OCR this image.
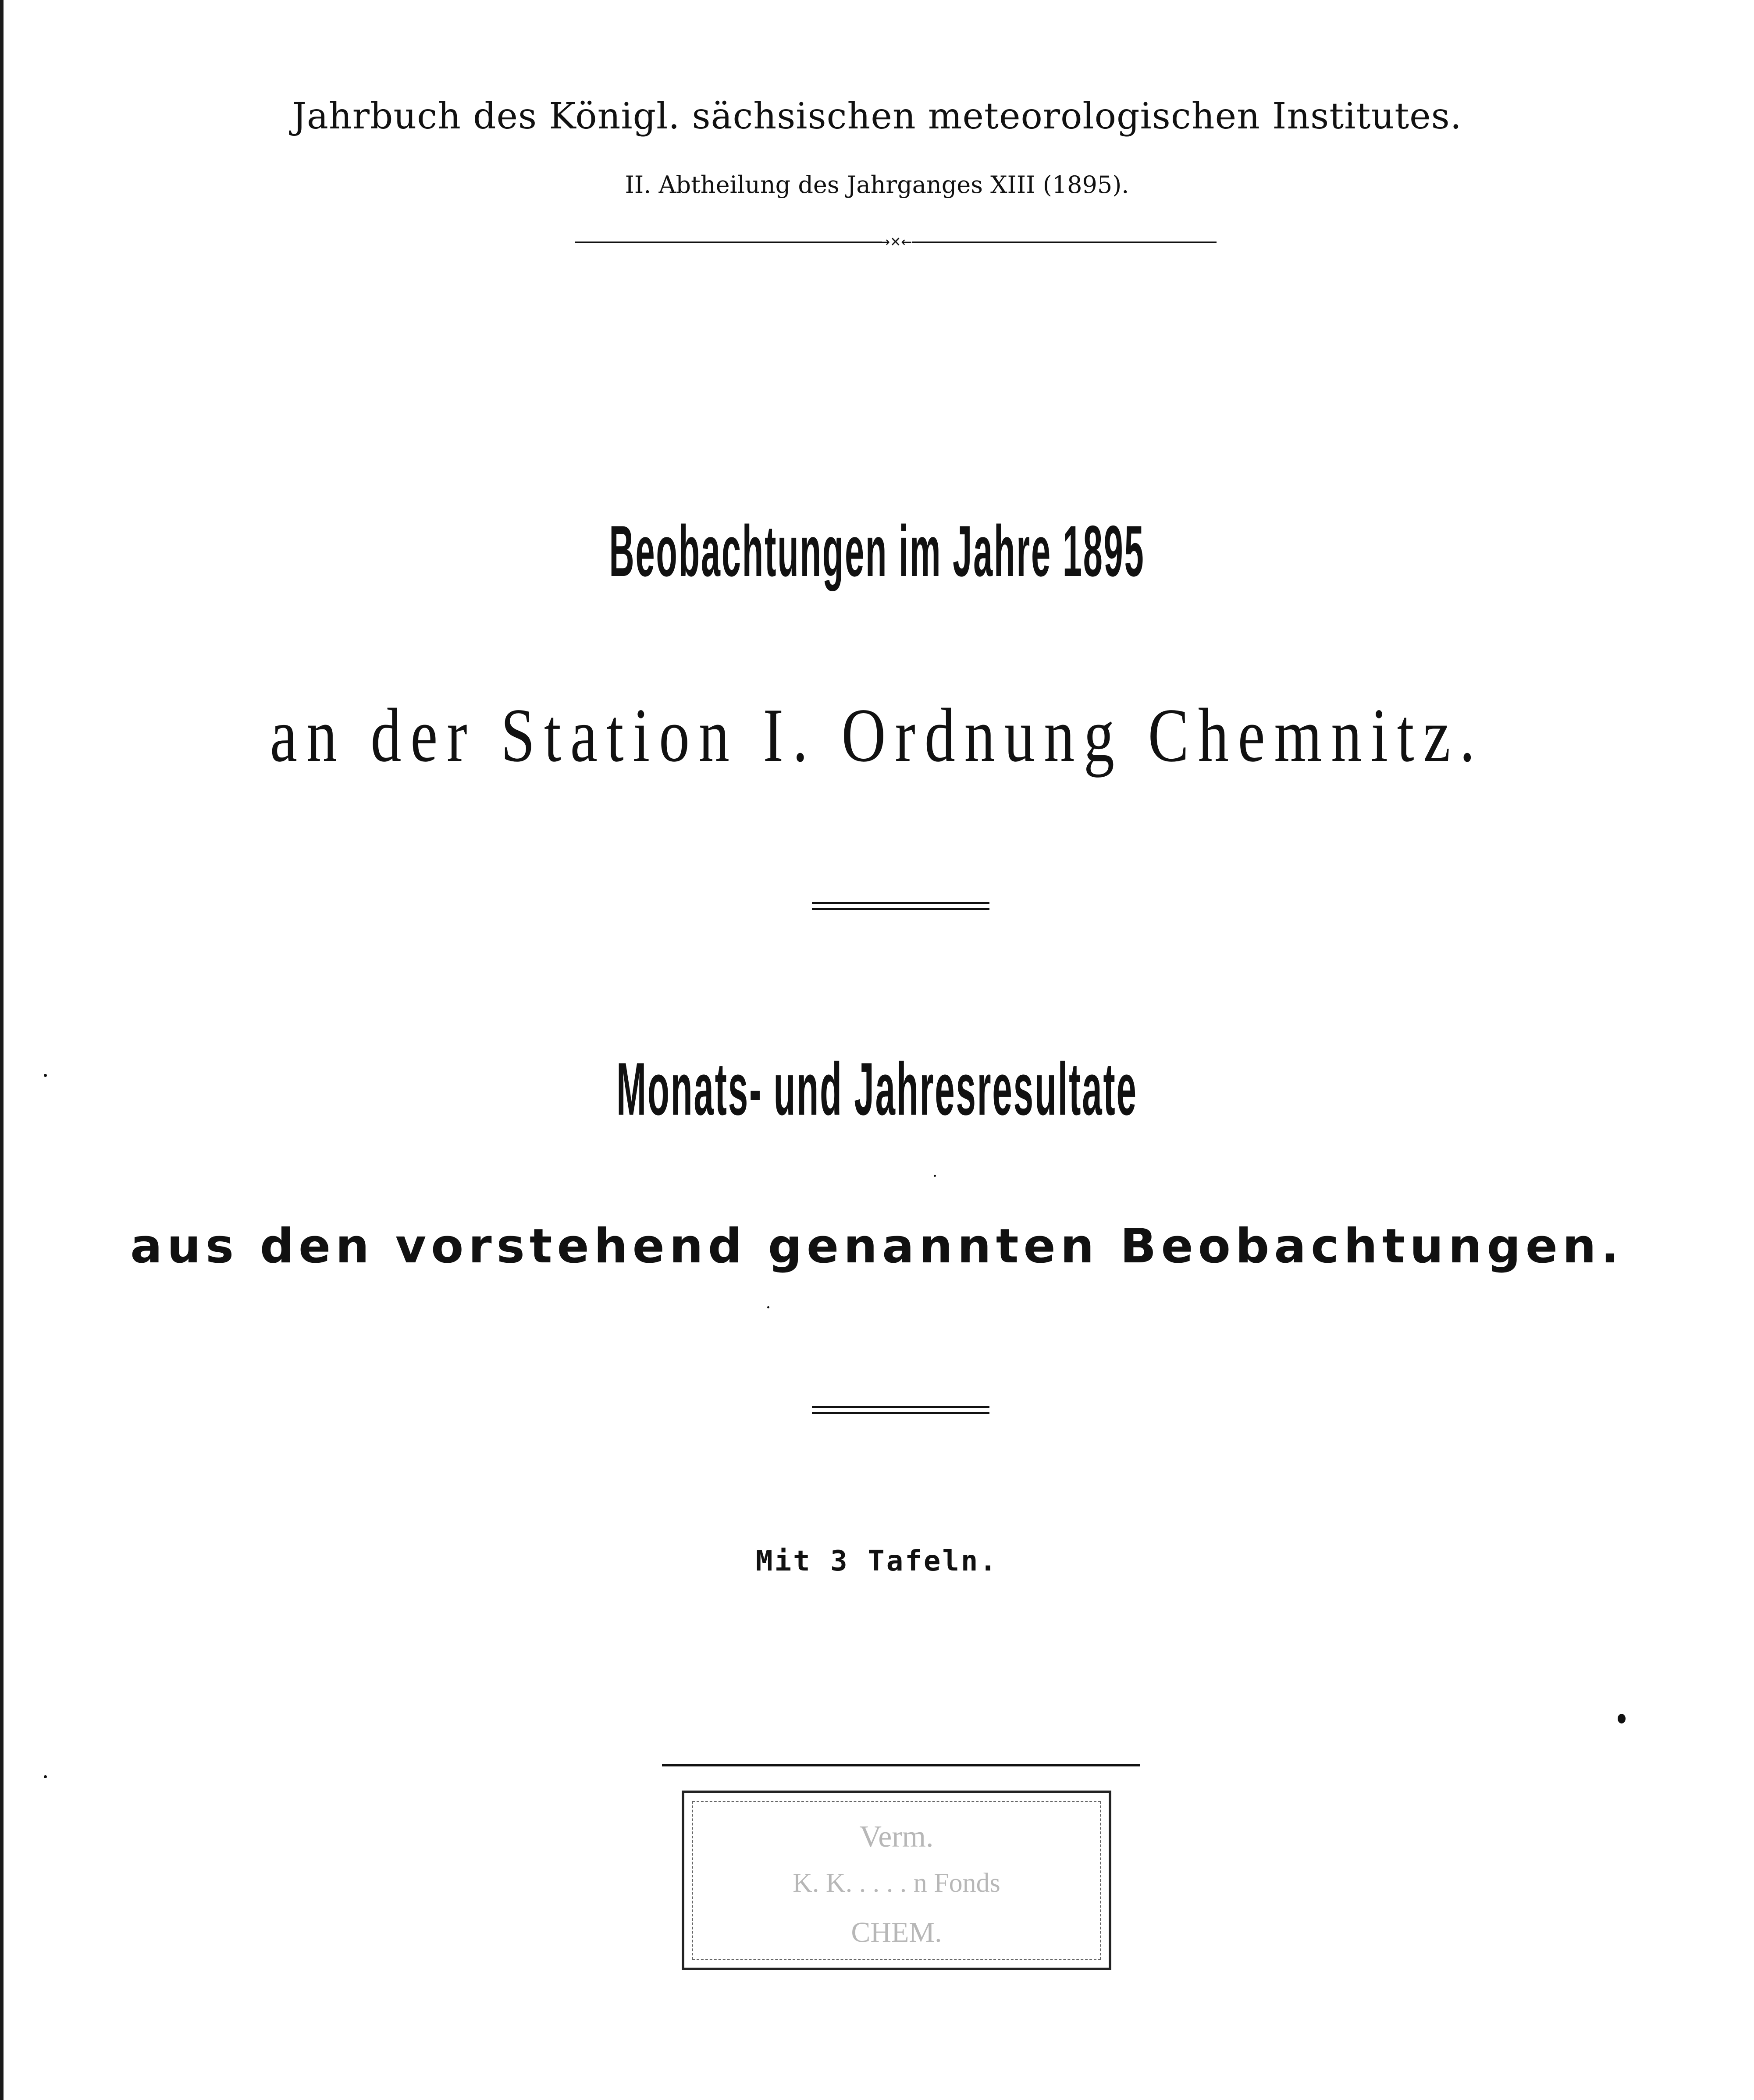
Jahrbuch des Königl. sächsischen meteorologischen Institutes.
II. Abtheilung des Jahrganges XIII (1895).
→✕←
Beobachtungen im Jahre 1895
an der Station I. Ordnung Chemnitz.
Monats- und Jahresresultate
aus den vorstehend genannten Beobachtungen.
Mit 3 Tafeln.
Verm.
K. K. . . . . n Fonds
CHEM.
